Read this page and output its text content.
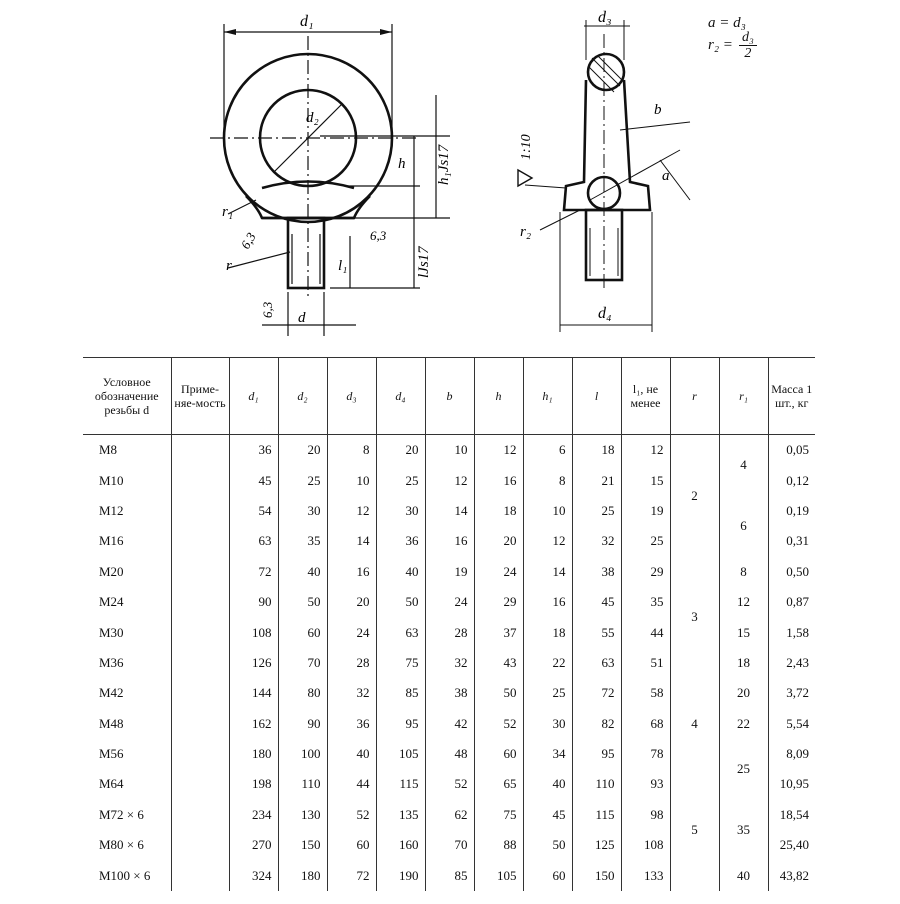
d₁
d₂
h h₁Js17
lJs17
l₁
d
r₁
r
6,3	6,3
6,3
d₃
b
a
r₂
d₄
1:10
a = d₃
$r_2 = \frac{\text{d₃}}{2}$
Условное обозначение резьбы d	Приме-няе-мость	d₁	d₂	d₃	d₄	b	h	h₁	l	l₁, не менее	r	r₁	Масса 1 шт., кг
М8		36	20	8	20	10	12	6	18	12	2	4	0,05
М10		45	25	10	25	12	16	8	21	15			0,12
М12		54	30	12	30	14	18	10	25	19		6	0,19
М16		63	35	14	36	16	20	12	32	25			0,31
М20		72	40	16	40	19	24	14	38	29	3	8	0,50
М24		90	50	20	50	24	29	16	45	35		12	0,87
М30		108	60	24	63	28	37	18	55	44		15	1,58
М36		126	70	28	75	32	43	22	63	51		18	2,43
М42		144	80	32	85	38	50	25	72	58	4	20	3,72
М48		162	90	36	95	42	52	30	82	68		22	5,54
М56		180	100	40	105	48	60	34	95	78		25	8,09
М64		198	110	44	115	52	65	40	110	93	5		10,95
М72 × 6		234	130	52	135	62	75	45	115	98		35	18,54
М80 × 6		270	150	60	160	70	88	50	125	108			25,40
М100 × 6		324	180	72	190	85	105	60	150	133		40	43,82
